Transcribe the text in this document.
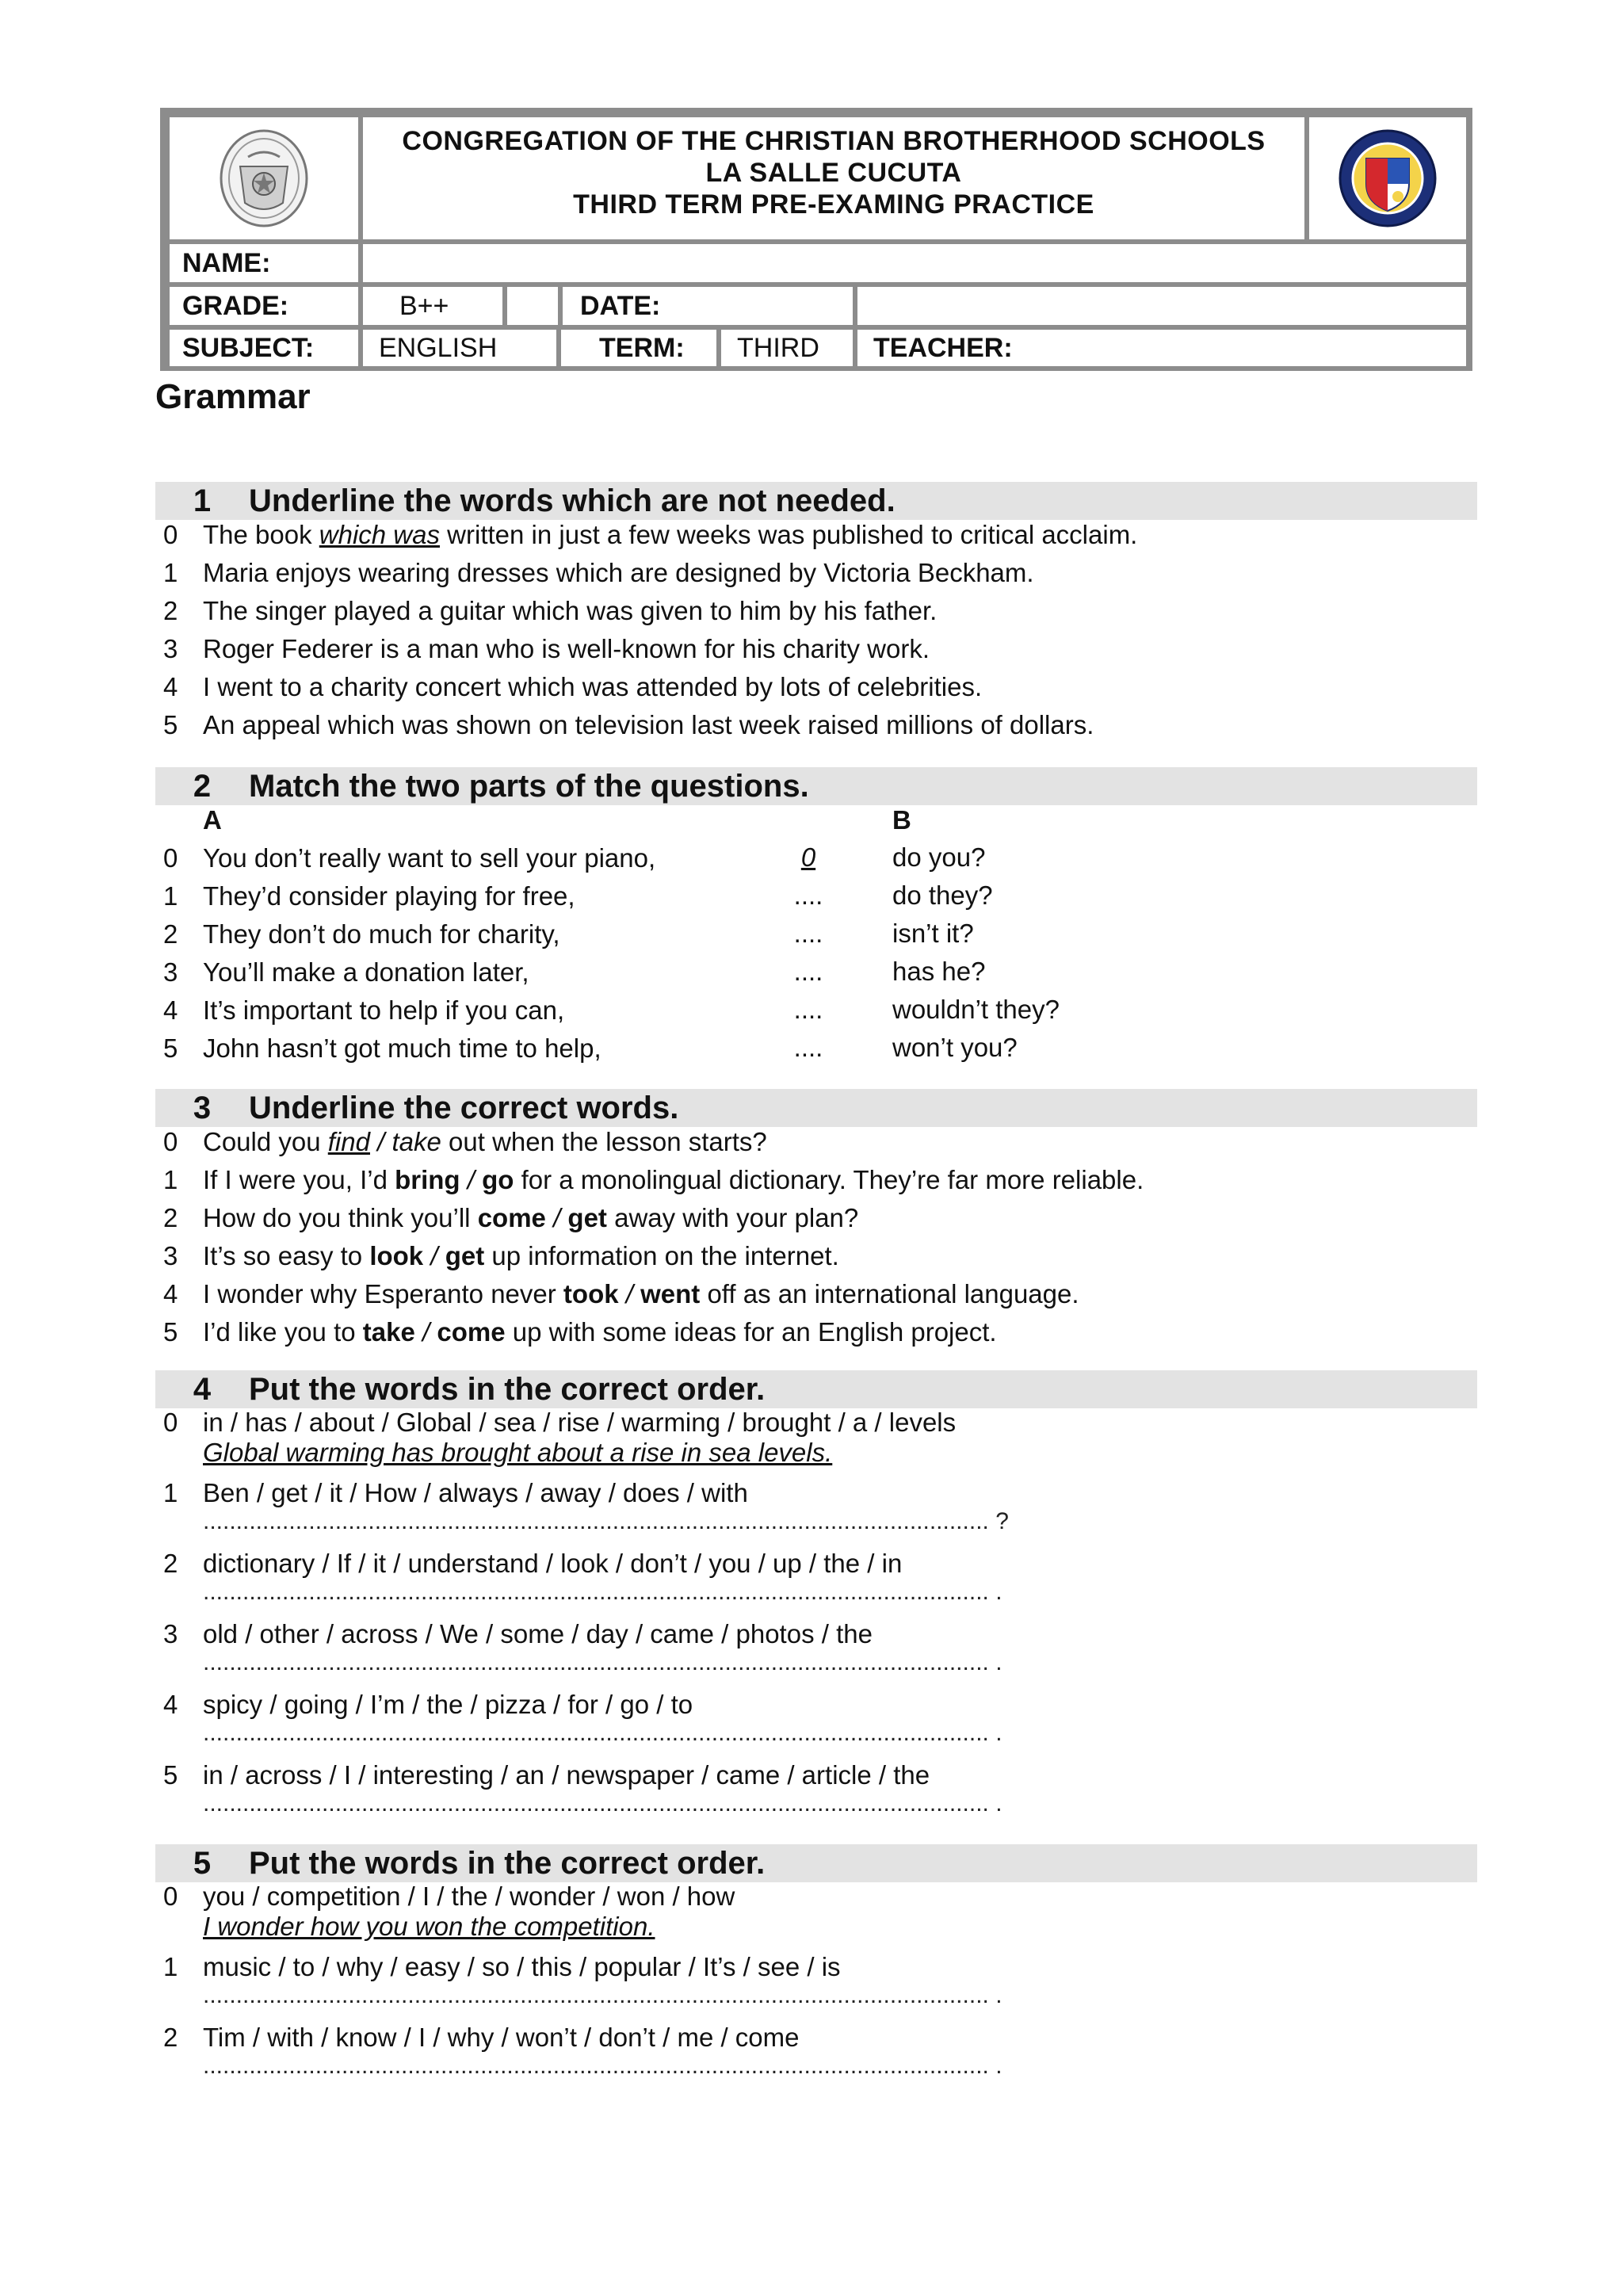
CONGREGATION OF THE CHRISTIAN BROTHERHOOD SCHOOLS
LA SALLE CUCUTA
THIRD TERM PRE-EXAMING PRACTICE
NAME:
GRADE:	B++	DATE:
SUBJECT:	ENGLISH	TERM:	THIRD	TEACHER:
Grammar
1	Underline the words which are not needed.
0 The book which was written in just a few weeks was published to critical acclaim.
1 Maria enjoys wearing dresses which are designed by Victoria Beckham.
2 The singer played a guitar which was given to him by his father.
3 Roger Federer is a man who is well-known for his charity work.
4 I went to a charity concert which was attended by lots of celebrities.
5 An appeal which was shown on television last week raised millions of dollars.
2	Match the two parts of the questions.
A	B
0 You don’t really want to sell your piano,	0	do you?
1 They’d consider playing for free,	....	do they?
2 They don’t do much for charity,	....	isn’t it?
3 You’ll make a donation later,	....	has he?
4 It’s important to help if you can,	....	wouldn’t they?
5 John hasn’t got much time to help,	....	won’t you?
3	Underline the correct words.
0 Could you find / take out when the lesson starts?
1 If I were you, I’d bring / go for a monolingual dictionary. They’re far more reliable.
2 How do you think you’ll come / get away with your plan?
3 It’s so easy to look / get up information on the internet.
4 I wonder why Esperanto never took / went off as an international language.
5 I’d like you to take / come up with some ideas for an English project.
4	Put the words in the correct order.
0 in / has / about / Global / sea / rise / warming / brought / a / levels
Global warming has brought about a rise in sea levels.
1 Ben / get / it / How / always / away / does / with
....................................................................................................................... ?
2 dictionary / If / it / understand / look / don’t / you / up / the / in
....................................................................................................................... .
3 old / other / across / We / some / day / came / photos / the
....................................................................................................................... .
4 spicy / going / I’m / the / pizza / for / go / to
....................................................................................................................... .
5 in / across / I / interesting / an / newspaper / came / article / the
....................................................................................................................... .
5	Put the words in the correct order.
0 you / competition / I / the / wonder / won / how
I wonder how you won the competition.
1 music / to / why / easy / so / this / popular / It’s / see / is
....................................................................................................................... .
2 Tim / with / know / I / why / won’t / don’t / me / come
....................................................................................................................... .
